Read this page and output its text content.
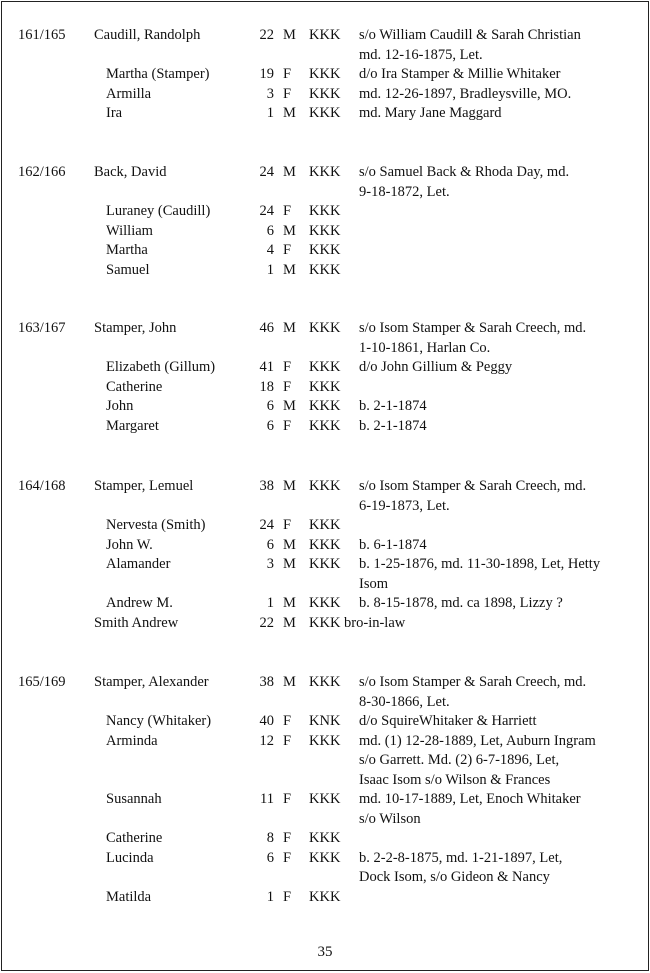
161/165 Caudill, Randolph	22 M KKK s/o William Caudill & Sarah Christian
md. 12-16-1875, Let.
Martha (Stamper)	19 F KKK d/o Ira Stamper & Millie Whitaker
Armilla	3 F KKK md. 12-26-1897, Bradleysville, MO.
Ira	1 M KKK md. Mary Jane Maggard
162/166 Back, David	24 M KKK s/o Samuel Back & Rhoda Day, md.
9-18-1872, Let.
Luraney (Caudill)	24 F KKK
William	6 M KKK
Martha	4 F KKK
Samuel	1 M KKK
163/167 Stamper, John	46 M KKK s/o Isom Stamper & Sarah Creech, md.
1-10-1861, Harlan Co.
Elizabeth (Gillum)	41 F KKK d/o John Gillium & Peggy
Catherine	18 F KKK
John	6 M KKK b. 2-1-1874
Margaret	6 F KKK b. 2-1-1874
164/168 Stamper, Lemuel	38 M KKK s/o Isom Stamper & Sarah Creech, md.
6-19-1873, Let.
Nervesta (Smith)	24 F KKK
John W.	6 M KKK b. 6-1-1874
Alamander	3 M KKK b. 1-25-1876, md. 11-30-1898, Let, Hetty
Isom
Andrew M.	1 M KKK b. 8-15-1878, md. ca 1898, Lizzy ?
Smith Andrew	22 M KKK bro-in-law
165/169 Stamper, Alexander	38 M KKK s/o Isom Stamper & Sarah Creech, md.
8-30-1866, Let.
Nancy (Whitaker)	40 F KNK d/o SquireWhitaker & Harriett
Arminda	12 F KKK md. (1) 12-28-1889, Let, Auburn Ingram
s/o Garrett. Md. (2) 6-7-1896, Let,
Isaac Isom s/o Wilson & Frances
Susannah	11 F KKK md. 10-17-1889, Let, Enoch Whitaker
s/o Wilson
Catherine	8 F KKK
Lucinda	6 F KKK b. 2-2-8-1875, md. 1-21-1897, Let,
Dock Isom, s/o Gideon & Nancy
Matilda	1 F KKK
35
